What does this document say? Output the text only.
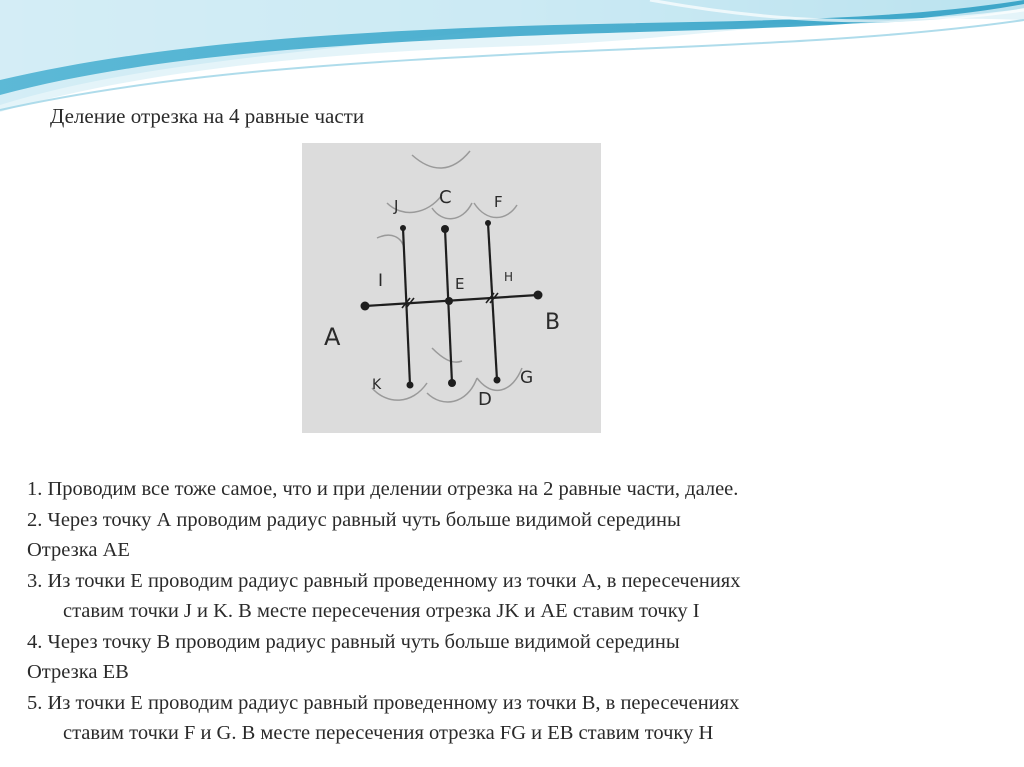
Деление отрезка на 4 равные части
A
B
C
D
E
F
G
H
I
J
K
1. Проводим все тоже самое, что и при делении отрезка на 2 равные части, далее.
2. Через точку А проводим радиус равный чуть больше видимой середины
Отрезка АЕ
3. Из точки Е проводим радиус равный проведенному из точки А, в пересечениях
ставим точки J и K. В месте пересечения отрезка JK и АЕ ставим точку I
4. Через точку В проводим радиус равный чуть больше видимой середины
Отрезка ЕВ
5. Из точки Е проводим радиус равный проведенному из точки В, в пересечениях
ставим точки F и G. В месте пересечения отрезка FG и ЕВ ставим точку H
